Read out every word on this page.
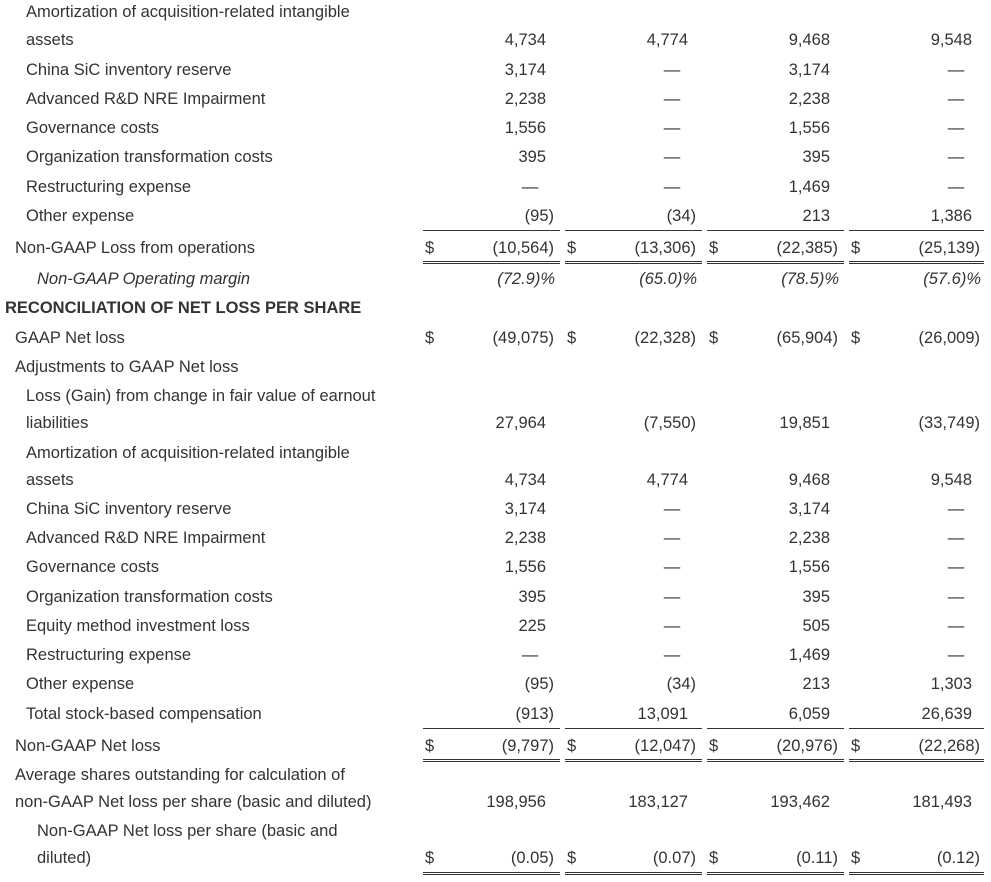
Amortization of acquisition-related intangible
assets	4,734	4,774	9,468	9,548
China SiC inventory reserve	3,174	—	3,174	—
Advanced R&D NRE Impairment	2,238	—	2,238	—
Governance costs	1,556	—	1,556	—
Organization transformation costs	395	—	395	—
Restructuring expense	—	—	1,469	—
Other expense	(95)	(34)	213	1,386
Non-GAAP Loss from operations	$	(10,564) $	(13,306) $	(22,385) $	(25,139)
Non-GAAP Operating margin	(72.9)%	(65.0)%	(78.5)%	(57.6)%
RECONCILIATION OF NET LOSS PER SHARE
GAAP Net loss	$	(49,075) $	(22,328) $	(65,904) $	(26,009)
Adjustments to GAAP Net loss
Loss (Gain) from change in fair value of earnout
liabilities	27,964	(7,550)	19,851	(33,749)
Amortization of acquisition-related intangible
assets	4,734	4,774	9,468	9,548
China SiC inventory reserve	3,174	—	3,174	—
Advanced R&D NRE Impairment	2,238	—	2,238	—
Governance costs	1,556	—	1,556	—
Organization transformation costs	395	—	395	—
Equity method investment loss	225	—	505	—
Restructuring expense	—	—	1,469	—
Other expense	(95)	(34)	213	1,303
Total stock-based compensation	(913)	13,091	6,059	26,639
Non-GAAP Net loss	$	(9,797) $	(12,047) $	(20,976) $	(22,268)
Average shares outstanding for calculation of
non-GAAP Net loss per share (basic and diluted)	198,956	183,127	193,462	181,493
Non-GAAP Net loss per share (basic and
diluted)	$	(0.05) $	(0.07) $	(0.11) $	(0.12)
